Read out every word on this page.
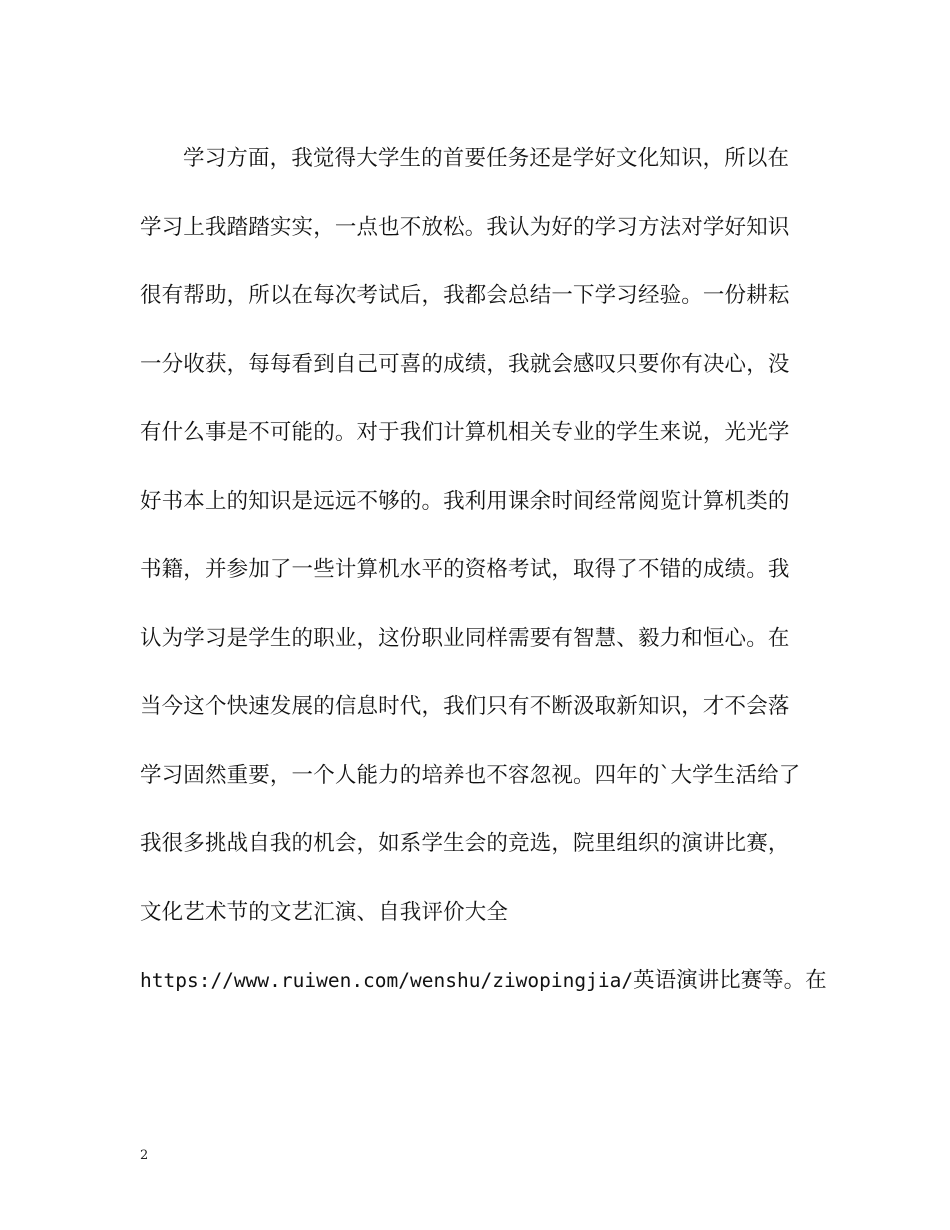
学习方面，我觉得大学生的首要任务还是学好文化知识，所以在
学习上我踏踏实实，一点也不放松。我认为好的学习方法对学好知识
很有帮助，所以在每次考试后，我都会总结一下学习经验。一份耕耘
一分收获，每每看到自己可喜的成绩，我就会感叹只要你有决心，没
有什么事是不可能的。对于我们计算机相关专业的学生来说，光光学
好书本上的知识是远远不够的。我利用课余时间经常阅览计算机类的
书籍，并参加了一些计算机水平的资格考试，取得了不错的成绩。我
认为学习是学生的职业，这份职业同样需要有智慧、毅力和恒心。在
当今这个快速发展的信息时代，我们只有不断汲取新知识，才不会落
学习固然重要，一个人能力的培养也不容忽视。四年的`大学生活给了
我很多挑战自我的机会，如系学生会的竞选，院里组织的演讲比赛，
文化艺术节的文艺汇演、自我评价大全
https://www.ruiwen.com/wenshu/ziwopingjia/英语演讲比赛等。在
2
